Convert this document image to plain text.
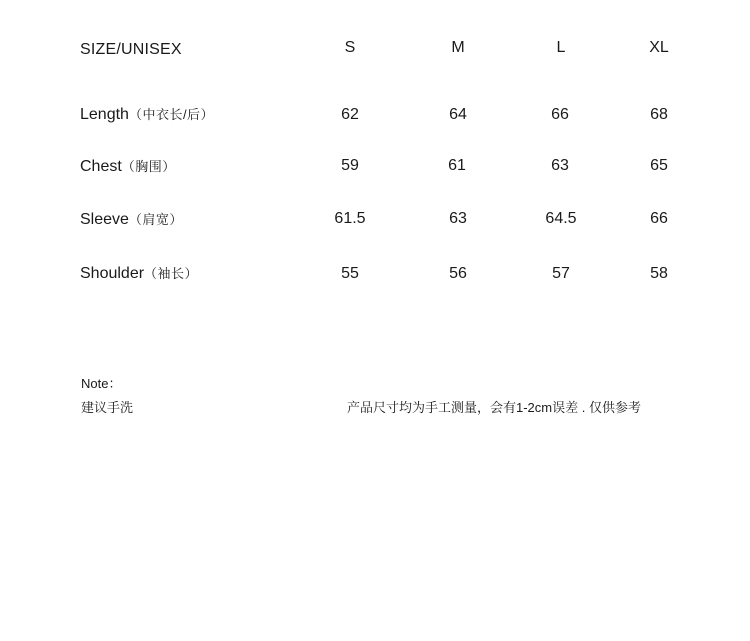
SIZE/UNISEX	S	M	L	XL
Length（中衣长/后）	62	64	66	68
Chest（胸围）	59	61	63	65
Sleeve（肩宽）	61.5	63	64.5	66
Shoulder（袖长）	55	56	57	58
Note：
建议手洗	产品尺寸均为手工测量，会有1-2cm误差 . 仅供参考
